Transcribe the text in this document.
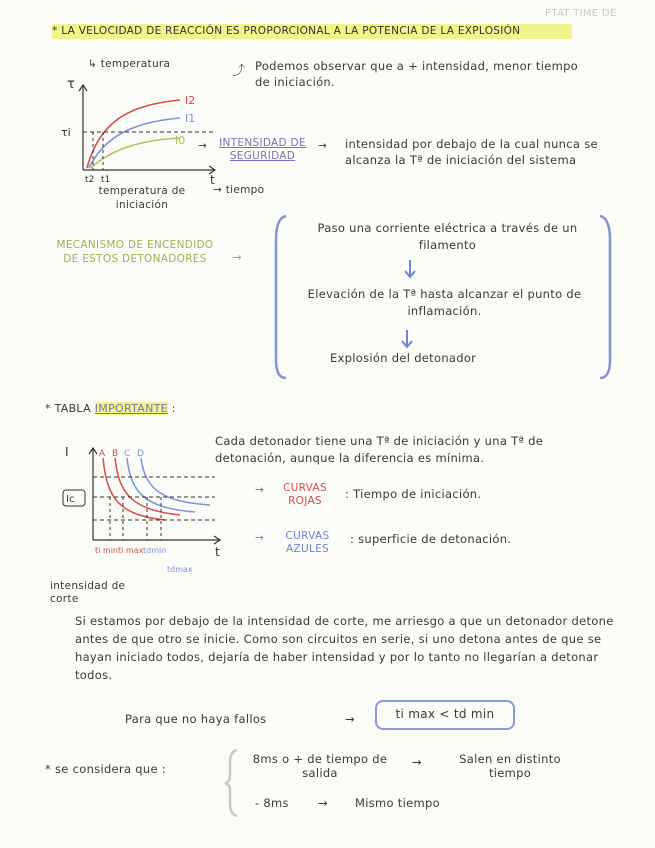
PTAT TIME DE
* LA VELOCIDAD DE REACCIÓN ES PROPORCIONAL A LA POTENCIA DE LA EXPLOSIÓN
τ
t
τi
I2
I1
I0
t2 t1
↳ temperatura
→ tiempo
temperatura de iniciación
⤴ Podemos observar que a + intensidad, menor tiempo de iniciación.
→	INTENSIDAD DE SEGURIDAD
→ intensidad por debajo de la cual nunca se alcanza la Tª de iniciación del sistema
MECANISMO DE ENCENDIDO DE ESTOS DETONADORES	→
Paso una corriente eléctrica a través de un filamento
Elevación de la Tª hasta alcanzar el punto de inflamación.
Explosión del detonador
* TABLA IMPORTANTE :
I
t
Ic
A B C D
ti min ti max tdmin
tdmax
intensidad de corte
Cada detonador tiene una Tª de iniciación y una Tª de detonación, aunque la diferencia es mínima.
→	CURVAS ROJAS	: Tiempo de iniciación.
→	CURVAS AZULES
: superficie de detonación.
Si estamos por debajo de la intensidad de corte, me arriesgo a que un detonador detone antes de que otro se inicie. Como son circuitos en serie, si uno detona antes de que se hayan iniciado todos, dejaría de haber intensidad y por lo tanto no llegarían a detonar todos.
Para que no haya fallos	→	ti max < td min
* se considera que :
8ms o + de tiempo de salida
→	Salen en distinto tiempo
- 8ms	→ Mismo tiempo
